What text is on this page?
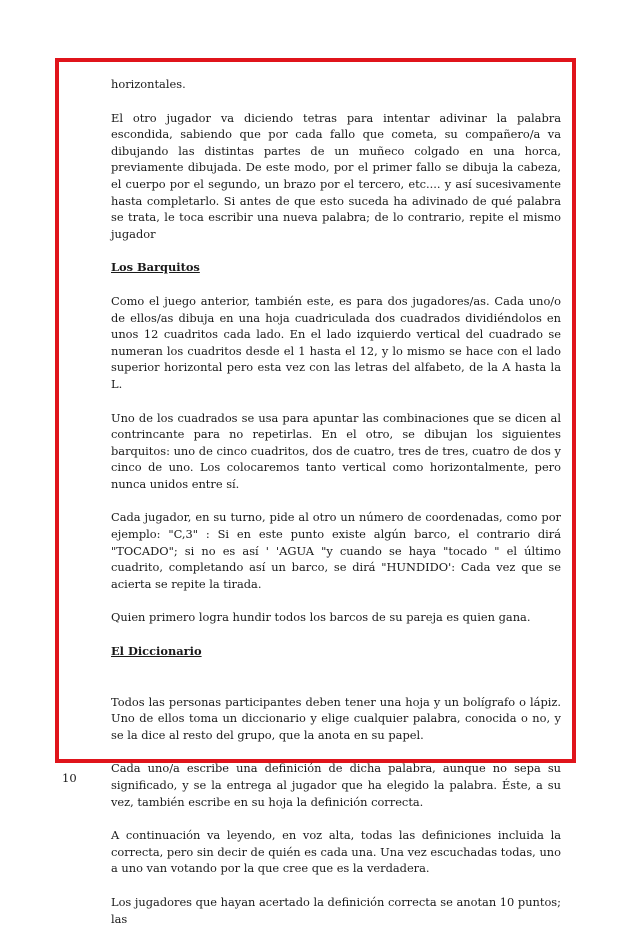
horizontales.

El otro jugador va diciendo tetras para intentar adivinar la palabra escondida, sabiendo que por cada fallo que cometa, su compañero/a va dibujando las distintas partes de un muñeco colgado en una horca, previamente dibujada. De este modo, por el primer fallo se dibuja la cabeza, el cuerpo por el segundo, un brazo por el tercero, etc.... y así sucesivamente hasta completarlo. Si antes de que esto suceda ha adivinado de qué palabra se trata, le toca escribir una nueva palabra; de lo contrario, repite el mismo jugador

Los Barquitos

Como el juego anterior, también este, es para dos jugadores/as. Cada uno/o de ellos/as dibuja en una hoja cuadriculada dos cuadrados dividiéndolos en unos 12 cuadritos cada lado. En el lado izquierdo vertical del cuadrado se numeran los cuadritos desde el 1 hasta el 12, y lo mismo se hace con el lado superior horizontal pero esta vez con las letras del alfabeto, de la A hasta la L.

Uno de los cuadrados se usa para apuntar las combinaciones que se dicen al contrincante para no repetirlas. En el otro, se dibujan los siguientes barquitos: uno de cinco cuadritos, dos de cuatro, tres de tres, cuatro de dos y cinco de uno. Los colocaremos tanto vertical como horizontalmente, pero nunca unidos entre sí.

Cada jugador, en su turno, pide al otro un número de coordenadas, como por ejemplo: "C,3" : Si en este punto existe algún barco, el contrario dirá "TOCADO"; si no es así ' 'AGUA "y cuando se haya "tocado " el último cuadrito, completando así un barco, se dirá "HUNDIDO': Cada vez que se acierta se repite la tirada.

Quien primero logra hundir todos los barcos de su pareja es quien gana.

El Diccionario

Todos las personas participantes deben tener una hoja y un bolígrafo o lápiz. Uno de ellos toma un diccionario y elige cualquier palabra, conocida o no, y se la dice al resto del grupo, que la anota en su papel.

Cada uno/a escribe una definición de dicha palabra, aunque no sepa su significado, y se la entrega al jugador que ha elegido la palabra. Éste, a su vez, también escribe en su hoja la definición correcta.

A continuación va leyendo, en voz alta, todas las definiciones incluida la correcta, pero sin decir de quién es cada una. Una vez escuchadas todas, uno a uno van votando por la que cree que es la verdadera.

Los jugadores que hayan acertado la definición correcta se anotan 10 puntos; las

10
